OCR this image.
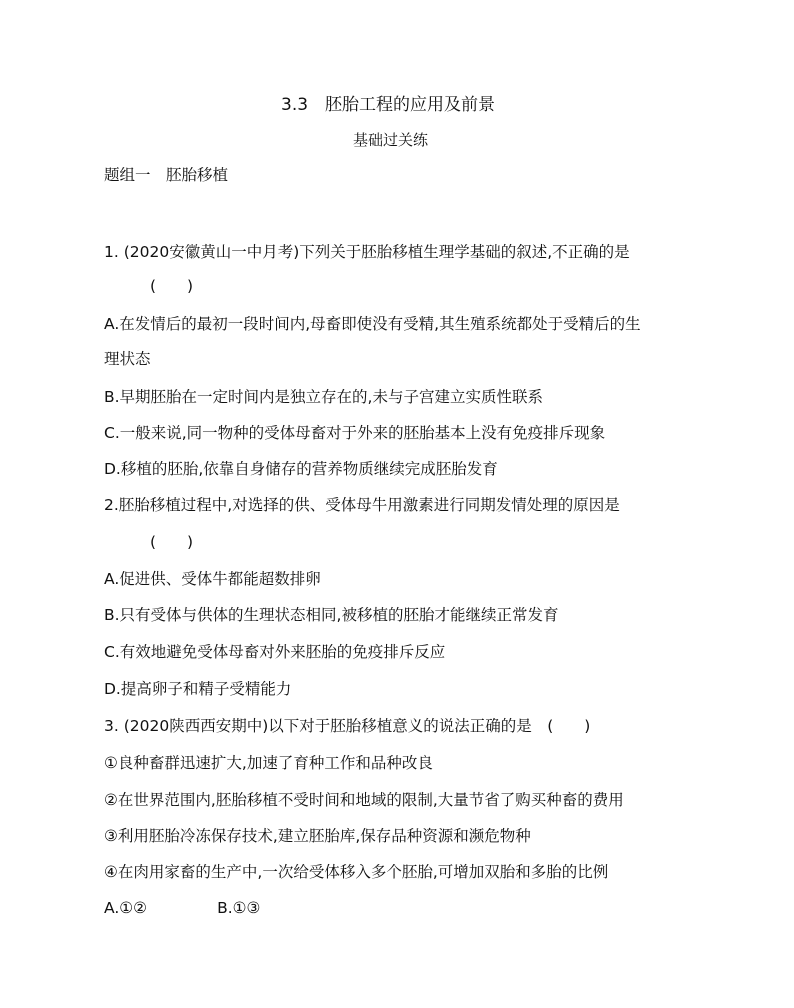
3.3　胚胎工程的应用及前景
基础过关练
题组一　胚胎移植
1. (2020安徽黄山一中月考)下列关于胚胎移植生理学基础的叙述,不正确的是
(　　)
A.在发情后的最初一段时间内,母畜即使没有受精,其生殖系统都处于受精后的生
理状态
B.早期胚胎在一定时间内是独立存在的,未与子宫建立实质性联系
C.一般来说,同一物种的受体母畜对于外来的胚胎基本上没有免疫排斥现象
D.移植的胚胎,依靠自身储存的营养物质继续完成胚胎发育
2.胚胎移植过程中,对选择的供、受体母牛用激素进行同期发情处理的原因是
(　　)
A.促进供、受体牛都能超数排卵
B.只有受体与供体的生理状态相同,被移植的胚胎才能继续正常发育
C.有效地避免受体母畜对外来胚胎的免疫排斥反应
D.提高卵子和精子受精能力
3. (2020陕西西安期中)以下对于胚胎移植意义的说法正确的是　(　　)
①良种畜群迅速扩大,加速了育种工作和品种改良
②在世界范围内,胚胎移植不受时间和地域的限制,大量节省了购买种畜的费用
③利用胚胎冷冻保存技术,建立胚胎库,保存品种资源和濒危物种
④在肉用家畜的生产中,一次给受体移入多个胚胎,可增加双胎和多胎的比例
A.①②	B.①③
